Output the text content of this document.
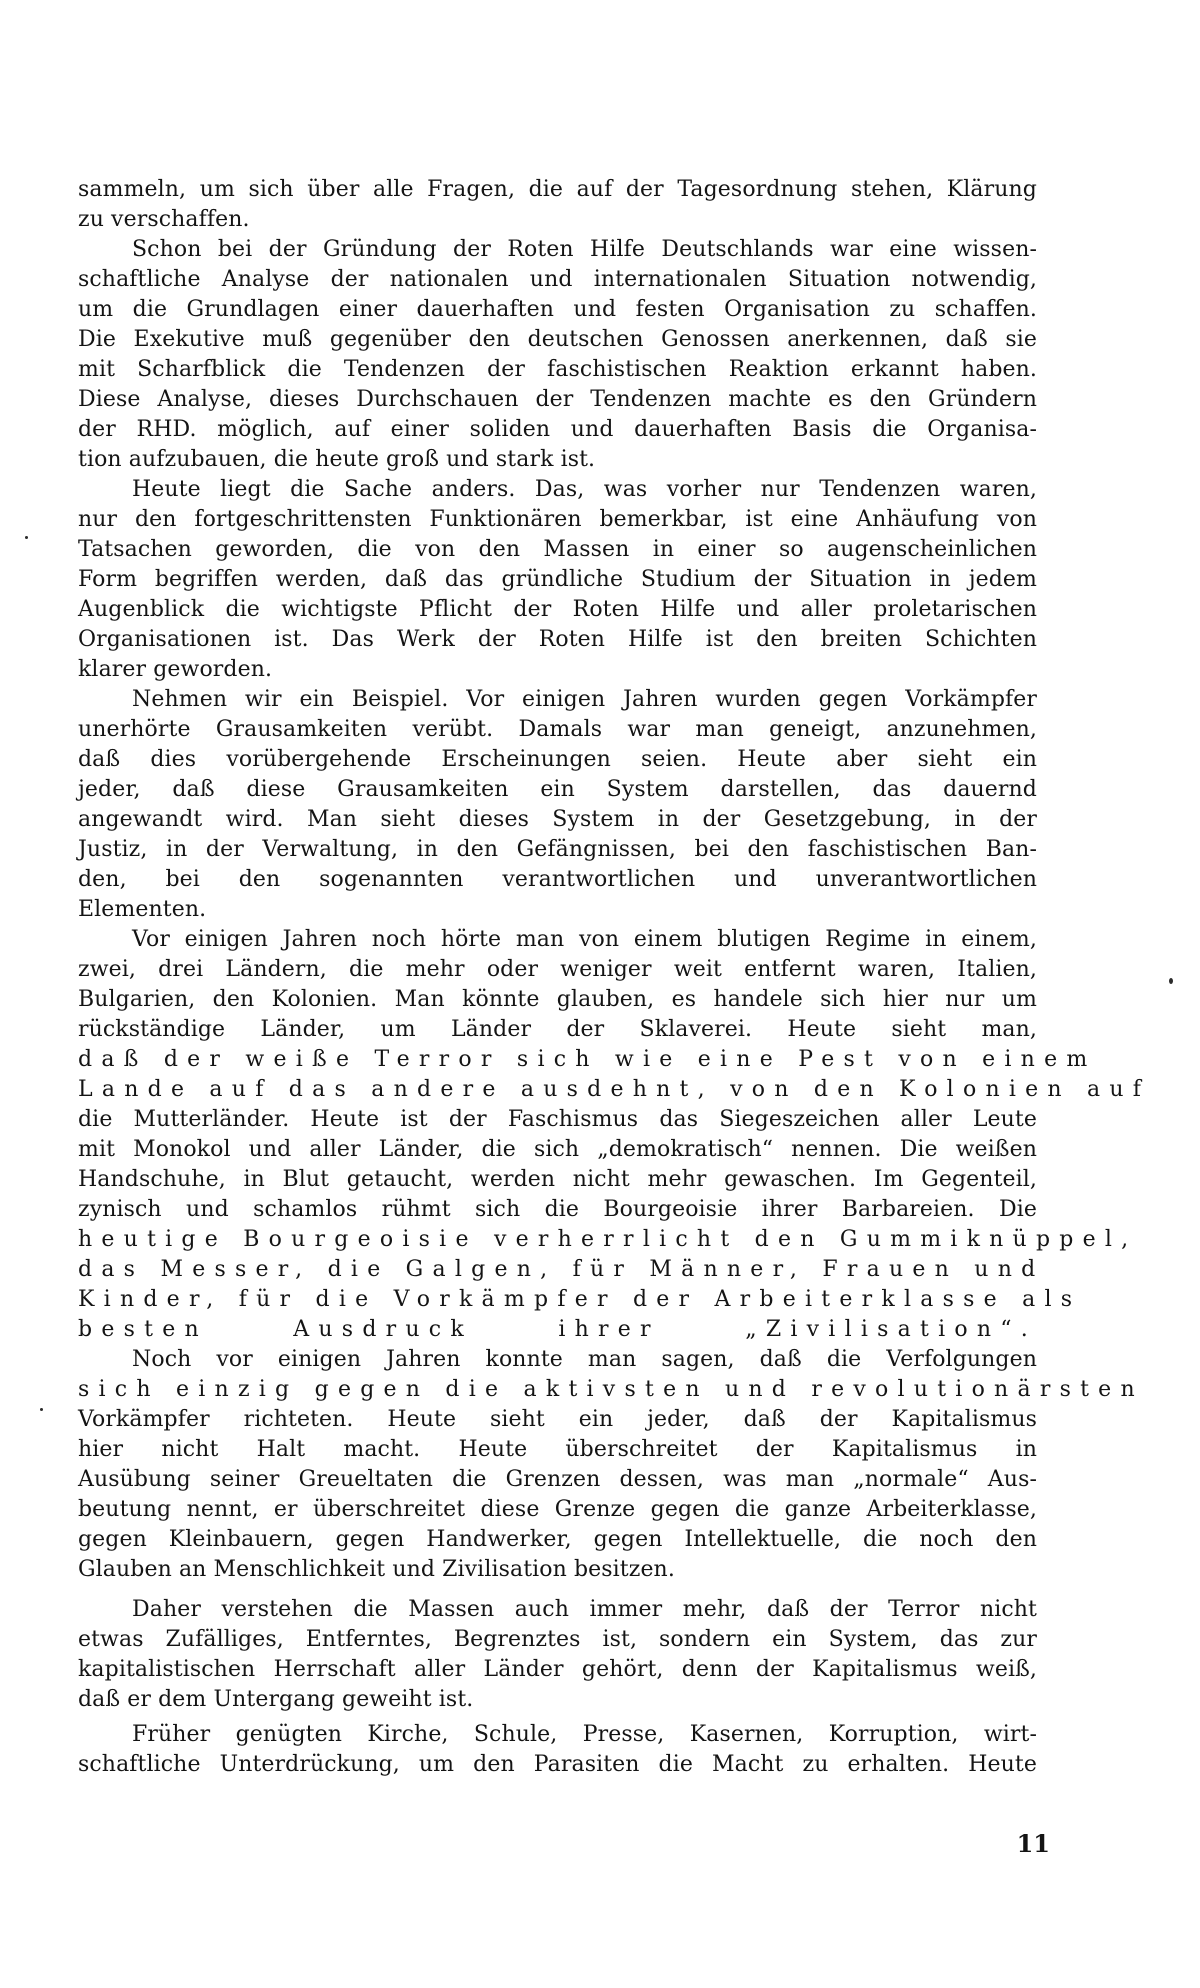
sammeln, um sich über alle Fragen, die auf der Tagesordnung stehen, Klärung
zu verschaffen.
Schon bei der Gründung der Roten Hilfe Deutschlands war eine wissen-
schaftliche Analyse der nationalen und internationalen Situation notwendig,
um die Grundlagen einer dauerhaften und festen Organisation zu schaffen.
Die Exekutive muß gegenüber den deutschen Genossen anerkennen, daß sie
mit Scharfblick die Tendenzen der faschistischen Reaktion erkannt haben.
Diese Analyse, dieses Durchschauen der Tendenzen machte es den Gründern
der RHD. möglich, auf einer soliden und dauerhaften Basis die Organisa-
tion aufzubauen, die heute groß und stark ist.
Heute liegt die Sache anders. Das, was vorher nur Tendenzen waren,
nur den fortgeschrittensten Funktionären bemerkbar, ist eine Anhäufung von
Tatsachen geworden, die von den Massen in einer so augenscheinlichen
Form begriffen werden, daß das gründliche Studium der Situation in jedem
Augenblick die wichtigste Pflicht der Roten Hilfe und aller proletarischen
Organisationen ist. Das Werk der Roten Hilfe ist den breiten Schichten
klarer geworden.
Nehmen wir ein Beispiel. Vor einigen Jahren wurden gegen Vorkämpfer
unerhörte Grausamkeiten verübt. Damals war man geneigt, anzunehmen,
daß dies vorübergehende Erscheinungen seien. Heute aber sieht ein
jeder, daß diese Grausamkeiten ein System darstellen, das dauernd
angewandt wird. Man sieht dieses System in der Gesetzgebung, in der
Justiz, in der Verwaltung, in den Gefängnissen, bei den faschistischen Ban-
den, bei den sogenannten verantwortlichen und unverantwortlichen
Elementen.
Vor einigen Jahren noch hörte man von einem blutigen Regime in einem,
zwei, drei Ländern, die mehr oder weniger weit entfernt waren, Italien,
Bulgarien, den Kolonien. Man könnte glauben, es handele sich hier nur um
rückständige Länder, um Länder der Sklaverei. Heute sieht man,
daß der weiße Terror sich wie eine Pest von einem
Lande auf das andere ausdehnt, von den Kolonien auf
die Mutterländer. Heute ist der Faschismus das Siegeszeichen aller Leute
mit Monokol und aller Länder, die sich „demokratisch“ nennen. Die weißen
Handschuhe, in Blut getaucht, werden nicht mehr gewaschen. Im Gegenteil,
zynisch und schamlos rühmt sich die Bourgeoisie ihrer Barbareien. Die
heutige Bourgeoisie verherrlicht den Gummiknüppel,
das Messer, die Galgen, für Männer, Frauen und
Kinder, für die Vorkämpfer der Arbeiterklasse als
besten Ausdruck ihrer „Zivilisation“.
Noch vor einigen Jahren konnte man sagen, daß die Verfolgungen
sich einzig gegen die aktivsten und revolutionärsten
Vorkämpfer richteten. Heute sieht ein jeder, daß der Kapitalismus
hier nicht Halt macht. Heute überschreitet der Kapitalismus in
Ausübung seiner Greueltaten die Grenzen dessen, was man „normale“ Aus-
beutung nennt, er überschreitet diese Grenze gegen die ganze Arbeiterklasse,
gegen Kleinbauern, gegen Handwerker, gegen Intellektuelle, die noch den
Glauben an Menschlichkeit und Zivilisation besitzen.
Daher verstehen die Massen auch immer mehr, daß der Terror nicht
etwas Zufälliges, Entferntes, Begrenztes ist, sondern ein System, das zur
kapitalistischen Herrschaft aller Länder gehört, denn der Kapitalismus weiß,
daß er dem Untergang geweiht ist.
Früher genügten Kirche, Schule, Presse, Kasernen, Korruption, wirt-
schaftliche Unterdrückung, um den Parasiten die Macht zu erhalten. Heute
11
